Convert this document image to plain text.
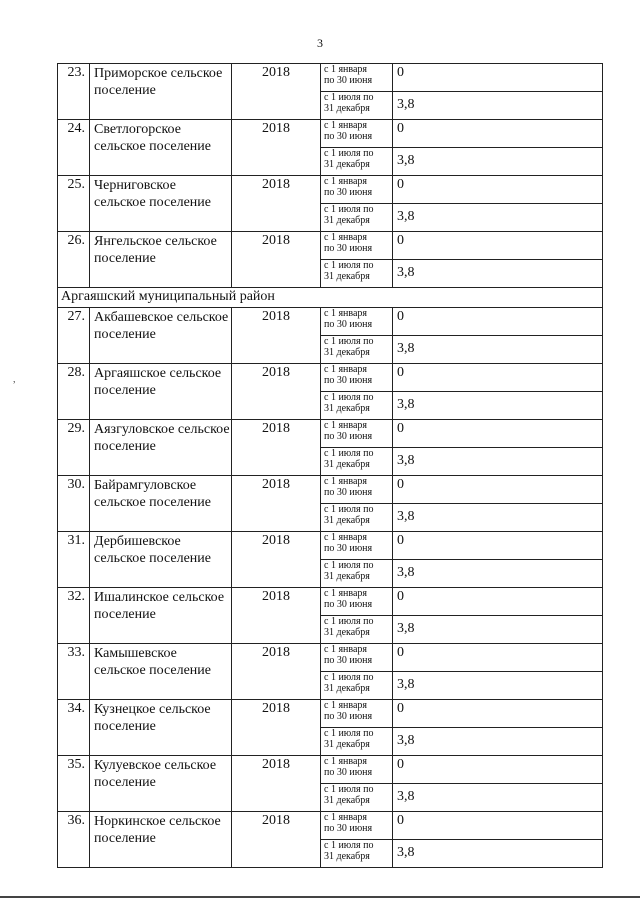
3
,
23.	Приморское сельское поселение	2018	с 1 января
по 30 июня	0
			с 1 июля по
31 декабря	3,8
24.	Светлогорское сельское поселение	2018	с 1 января
по 30 июня	0
			с 1 июля по
31 декабря	3,8
25.	Черниговское сельское поселение	2018	с 1 января
по 30 июня	0
			с 1 июля по
31 декабря	3,8
26.	Янгельское сельское поселение	2018	с 1 января
по 30 июня	0
			с 1 июля по
31 декабря	3,8
Аргаяшский муниципальный район				
27.	Акбашевское сельское поселение	2018	с 1 января
по 30 июня	0
			с 1 июля по
31 декабря	3,8
28.	Аргаяшское сельское поселение	2018	с 1 января
по 30 июня	0
			с 1 июля по
31 декабря	3,8
29.	Аязгуловское сельское поселение	2018	с 1 января
по 30 июня	0
			с 1 июля по
31 декабря	3,8
30.	Байрамгуловское сельское поселение	2018	с 1 января
по 30 июня	0
			с 1 июля по
31 декабря	3,8
31.	Дербишевское сельское поселение	2018	с 1 января
по 30 июня	0
			с 1 июля по
31 декабря	3,8
32.	Ишалинское сельское поселение	2018	с 1 января
по 30 июня	0
			с 1 июля по
31 декабря	3,8
33.	Камышевское сельское поселение	2018	с 1 января
по 30 июня	0
			с 1 июля по
31 декабря	3,8
34.	Кузнецкое сельское поселение	2018	с 1 января
по 30 июня	0
			с 1 июля по
31 декабря	3,8
35.	Кулуевское сельское поселение	2018	с 1 января
по 30 июня	0
			с 1 июля по
31 декабря	3,8
36.	Норкинское сельское поселение	2018	с 1 января
по 30 июня	0
			с 1 июля по
31 декабря	3,8
